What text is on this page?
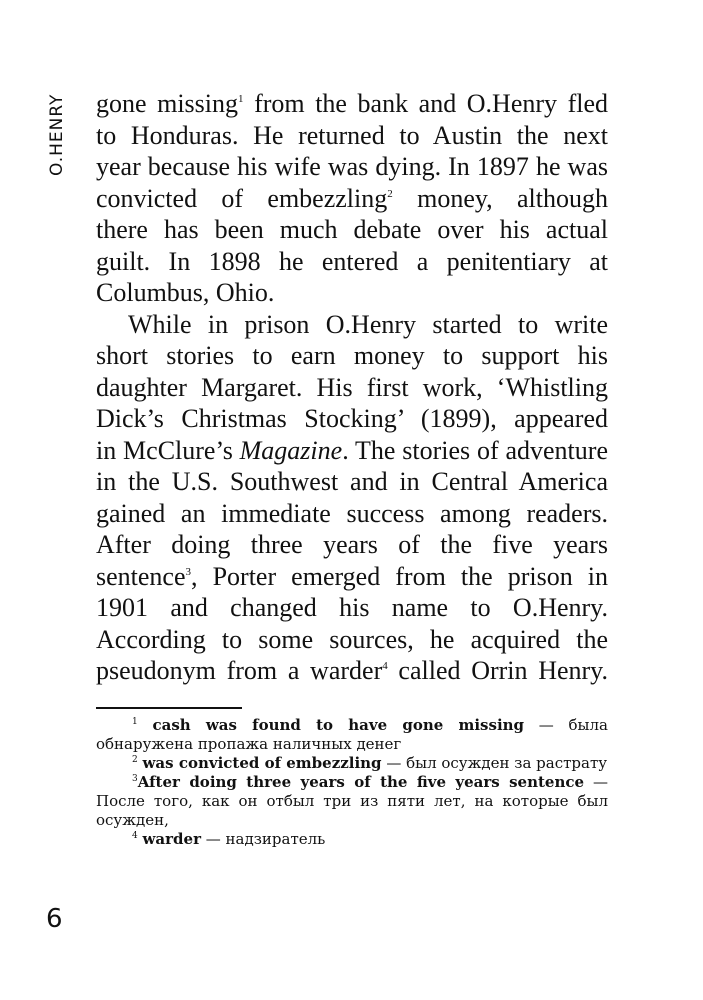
O.HENRY gone missing$^1$ from the bank and O.Henry fled
to Honduras. He returned to Austin the next
year because his wife was dying. In 1897 he was
convicted of embezzling$^2$ money, although
there has been much debate over his actual
guilt. In 1898 he entered a penitentiary at
Columbus, Ohio.

While in prison O.Henry started to write
short stories to earn money to support his
daughter Margaret. His first work, ‘Whistling
Dick’s Christmas Stocking’ (1899), appeared
in McClure’s Magazine. The stories of adventure
in the U.S. Southwest and in Central America
gained an immediate success among readers.
After doing three years of the five years
sentence$^3$, Porter emerged from the prison in
1901 and changed his name to O.Henry.
According to some sources, he acquired the
pseudonym from a warder$^4$ called Orrin Henry.

$^1$ cash was found to have gone missing — была обнаружена пропажа наличных денег

$^2$ was convicted of embezzling — был осужден за растрату

$^3$After doing three years of the five years sentence — После того, как он отбыл три из пяти лет, на которые был осужден,

$^4$ warder — надзиратель

6
